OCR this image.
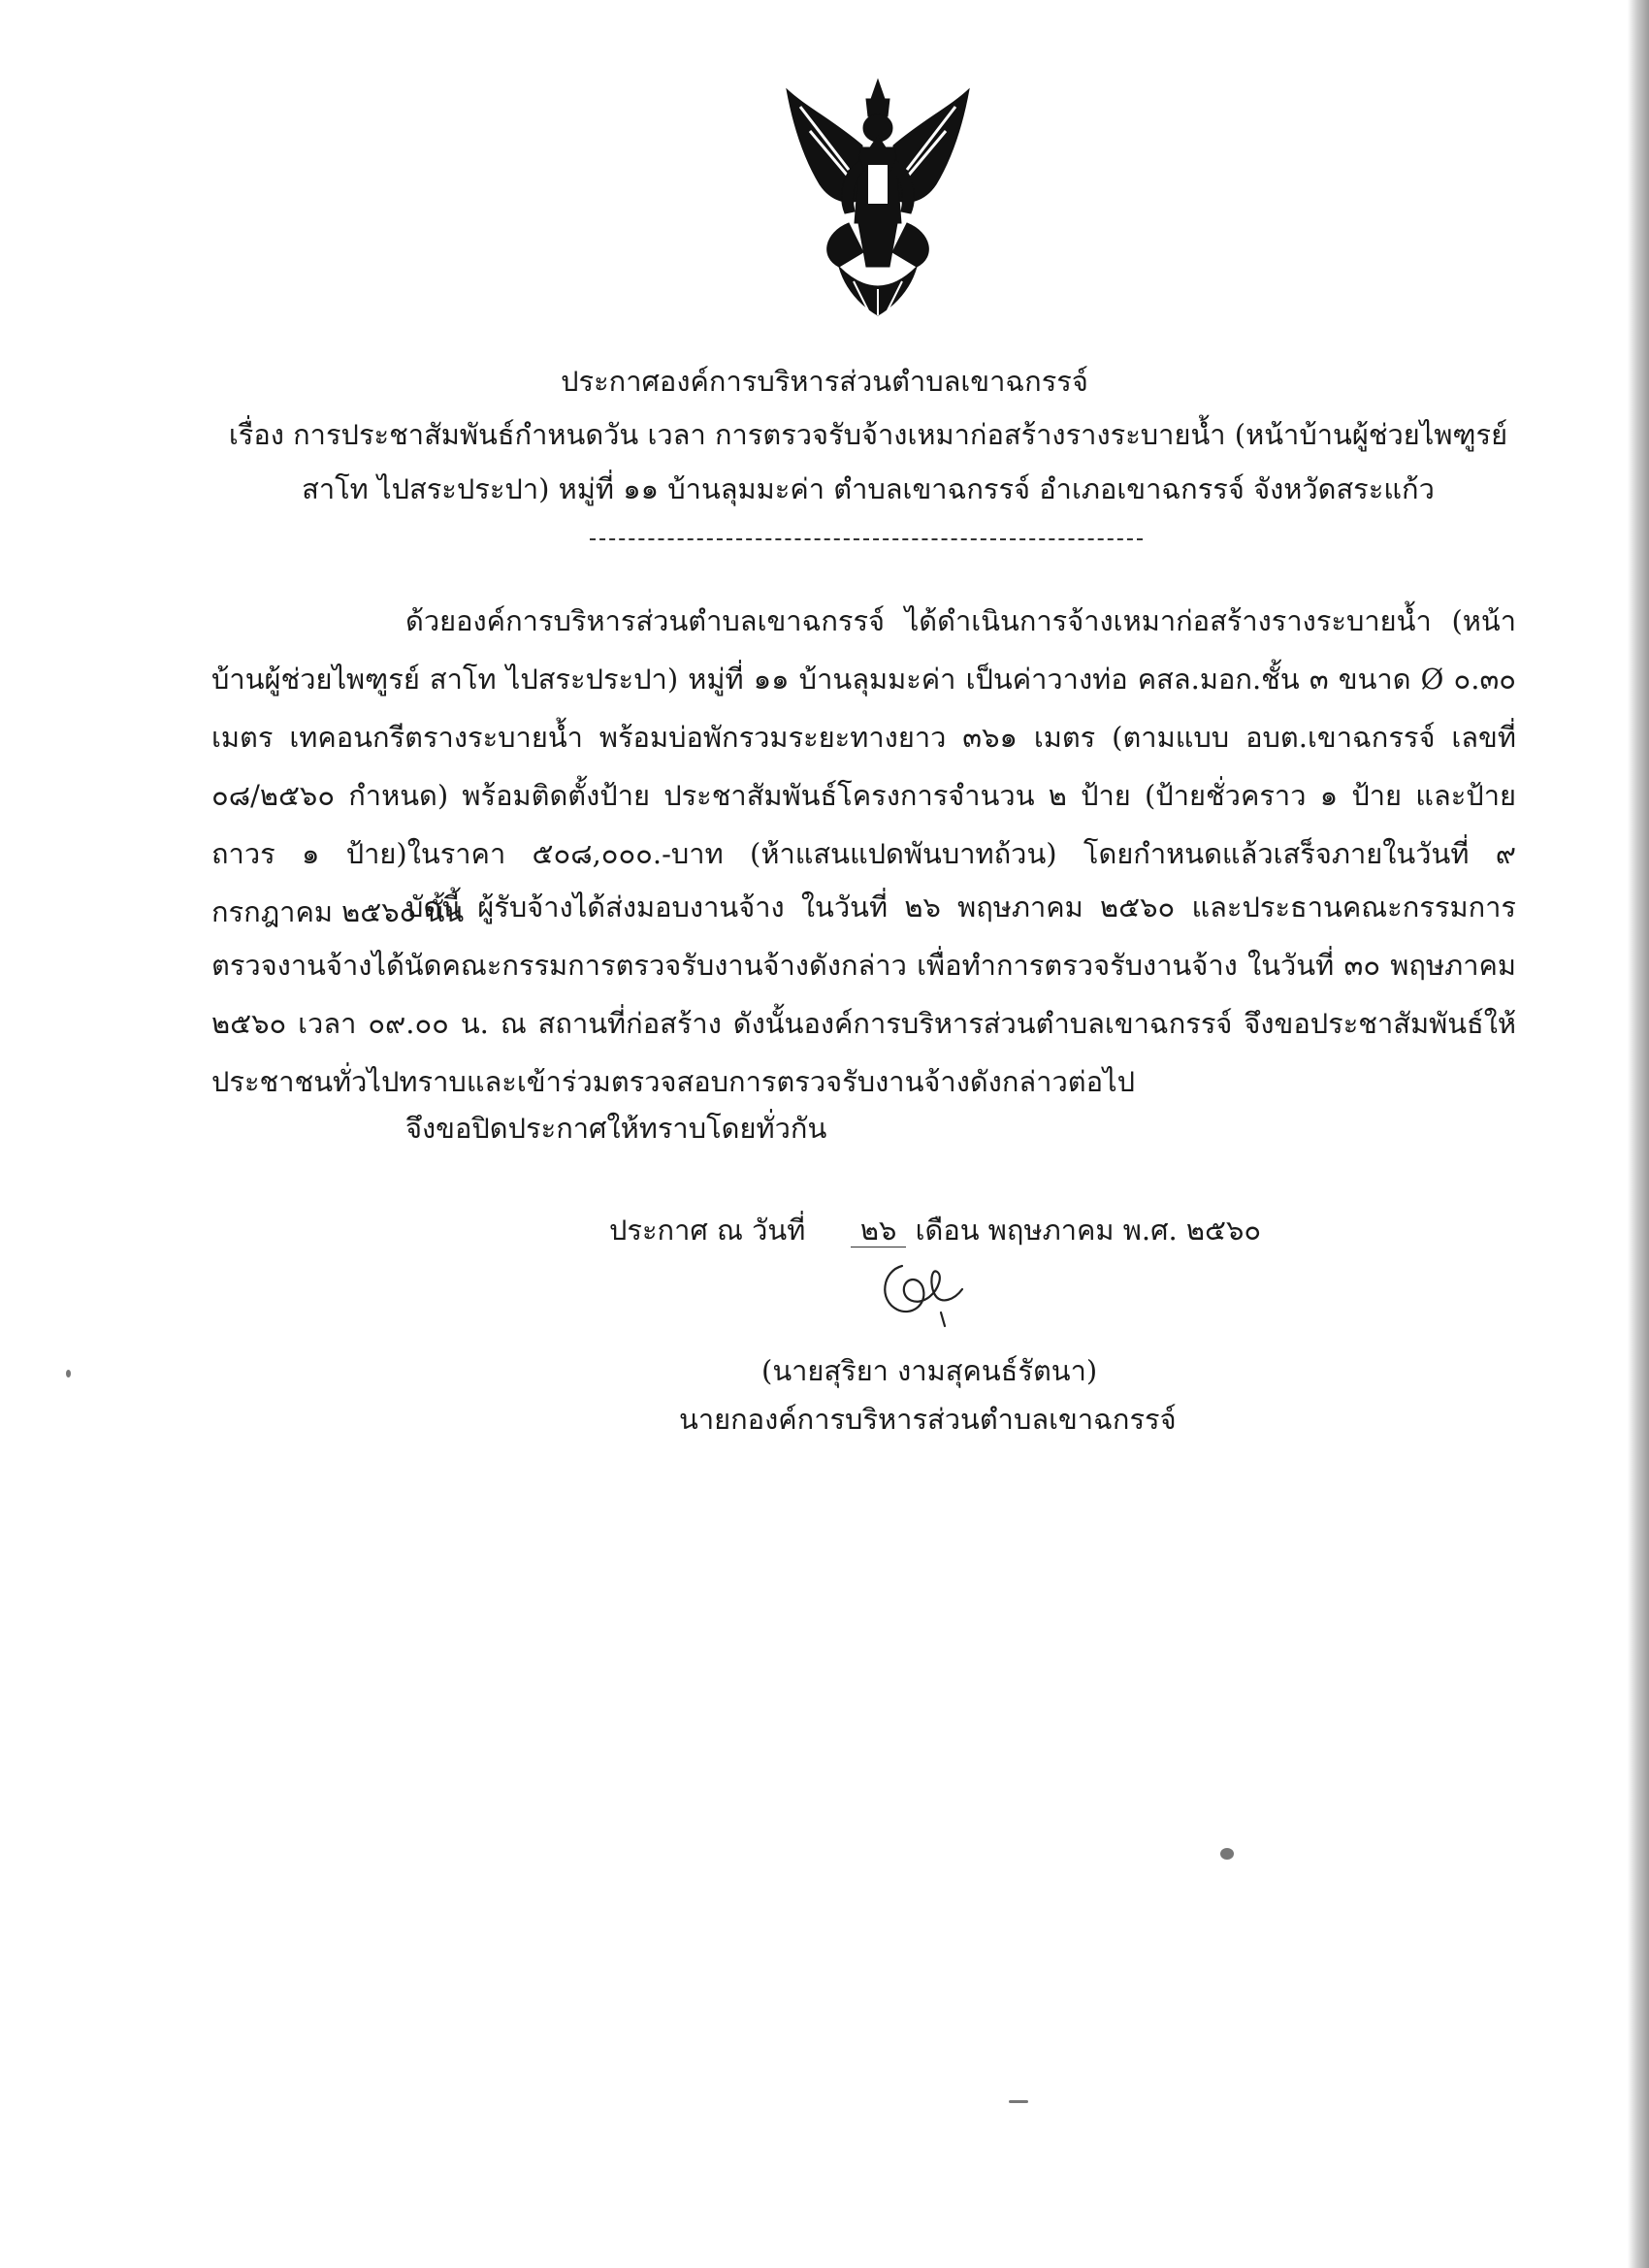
ประกาศองค์การบริหารส่วนตำบลเขาฉกรรจ์
เรื่อง การประชาสัมพันธ์กำหนดวัน เวลา การตรวจรับจ้างเหมาก่อสร้างรางระบายน้ำ (หน้าบ้านผู้ช่วยไพฑูรย์ สาโท ไปสระประปา) หมู่ที่ ๑๑ บ้านลุมมะค่า ตำบลเขาฉกรรจ์ อำเภอเขาฉกรรจ์ จังหวัดสระแก้ว
ด้วยองค์การบริหารส่วนตำบลเขาฉกรรจ์ ได้ดำเนินการจ้างเหมาก่อสร้างรางระบายน้ำ (หน้าบ้านผู้ช่วยไพฑูรย์ สาโท ไปสระประปา) หมู่ที่ ๑๑ บ้านลุมมะค่า เป็นค่าวางท่อ คสล.มอก.ชั้น ๓ ขนาด Ø ๐.๓๐ เมตร เทคอนกรีตรางระบายน้ำ พร้อมบ่อพักรวมระยะทางยาว ๓๖๑ เมตร (ตามแบบ อบต.เขาฉกรรจ์ เลขที่ ๐๘/๒๕๖๐ กำหนด) พร้อมติดตั้งป้าย ประชาสัมพันธ์โครงการจำนวน ๒ ป้าย (ป้ายชั่วคราว ๑ ป้าย และป้ายถาวร ๑ ป้าย)ในราคา ๕๐๘,๐๐๐.-บาท (ห้าแสนแปดพันบาทถ้วน) โดยกำหนดแล้วเสร็จภายในวันที่ ๙ กรกฎาคม ๒๕๖๐ นั้น
บัดนี้ ผู้รับจ้างได้ส่งมอบงานจ้าง ในวันที่ ๒๖ พฤษภาคม ๒๕๖๐ และประธานคณะกรรมการตรวจงานจ้างได้นัดคณะกรรมการตรวจรับงานจ้างดังกล่าว เพื่อทำการตรวจรับงานจ้าง ในวันที่ ๓๐ พฤษภาคม ๒๕๖๐ เวลา ๐๙.๐๐ น. ณ สถานที่ก่อสร้าง ดังนั้นองค์การบริหารส่วนตำบลเขาฉกรรจ์ จึงขอประชาสัมพันธ์ให้ประชาชนทั่วไปทราบและเข้าร่วมตรวจสอบการตรวจรับงานจ้างดังกล่าวต่อไป
จึงขอปิดประกาศให้ทราบโดยทั่วกัน
ประกาศ ณ วันที่ ๒๖ เดือน พฤษภาคม พ.ศ. ๒๕๖๐
(นายสุริยา งามสุคนธ์รัตนา)
นายกองค์การบริหารส่วนตำบลเขาฉกรรจ์
